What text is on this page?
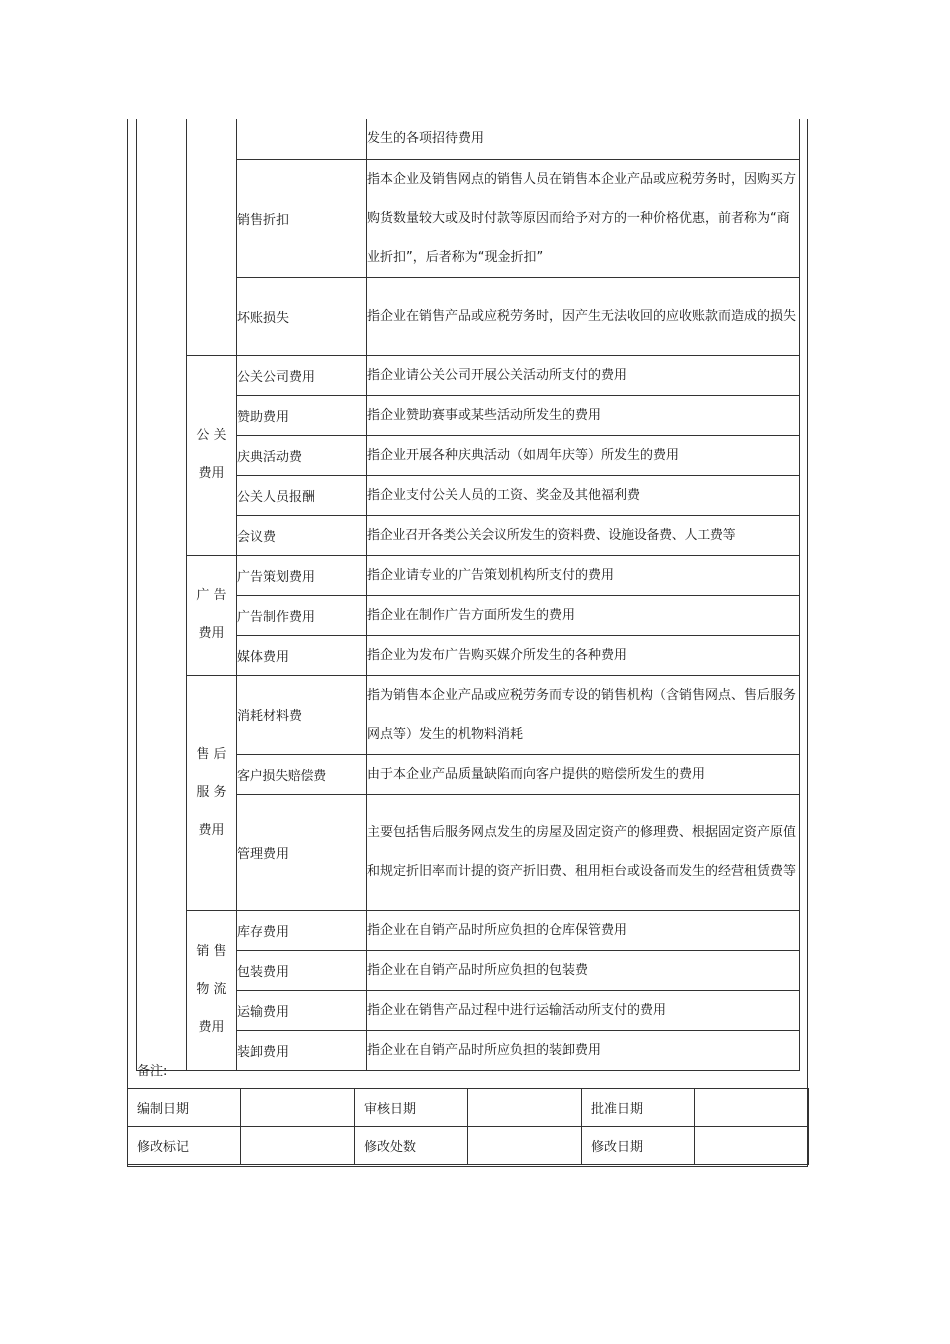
			发生的各项招待费用
		销售折扣	指本企业及销售网点的销售人员在销售本企业产品或应税劳务时，因购买方购货数量较大或及时付款等原因而给予对方的一种价格优惠，前者称为“商业折扣”，后者称为“现金折扣”
		坏账损失	指企业在销售产品或应税劳务时，因产生无法收回的应收账款而造成的损失

	公 关
费用	公关公司费用	指企业请公关公司开展公关活动所支付的费用
		赞助费用	指企业赞助赛事或某些活动所发生的费用
		庆典活动费	指企业开展各种庆典活动（如周年庆等）所发生的费用
		公关人员报酬	指企业支付公关人员的工资、奖金及其他福利费
		会议费	指企业召开各类公关会议所发生的资料费、设施设备费、人工费等

	广 告
费用	广告策划费用	指企业请专业的广告策划机构所支付的费用
		广告制作费用	指企业在制作广告方面所发生的费用
		媒体费用	指企业为发布广告购买媒介所发生的各种费用

	售 后
服 务
费用	消耗材料费	指为销售本企业产品或应税劳务而专设的销售机构（含销售网点、售后服务网点等）发生的机物料消耗
		客户损失赔偿费	由于本企业产品质量缺陷而向客户提供的赔偿所发生的费用
		管理费用	主要包括售后服务网点发生的房屋及固定资产的修理费、根据固定资产原值和规定折旧率而计提的资产折旧费、租用柜台或设备而发生的经营租赁费等

	销 售
物 流
费用	库存费用	指企业在自销产品时所应负担的仓库保管费用
		包装费用	指企业在自销产品时所应负担的包装费
		运输费用	指企业在销售产品过程中进行运输活动所支付的费用
		装卸费用	指企业在自销产品时所应负担的装卸费用
备注:
编制日期		审核日期		批准日期	
修改标记		修改处数		修改日期	
